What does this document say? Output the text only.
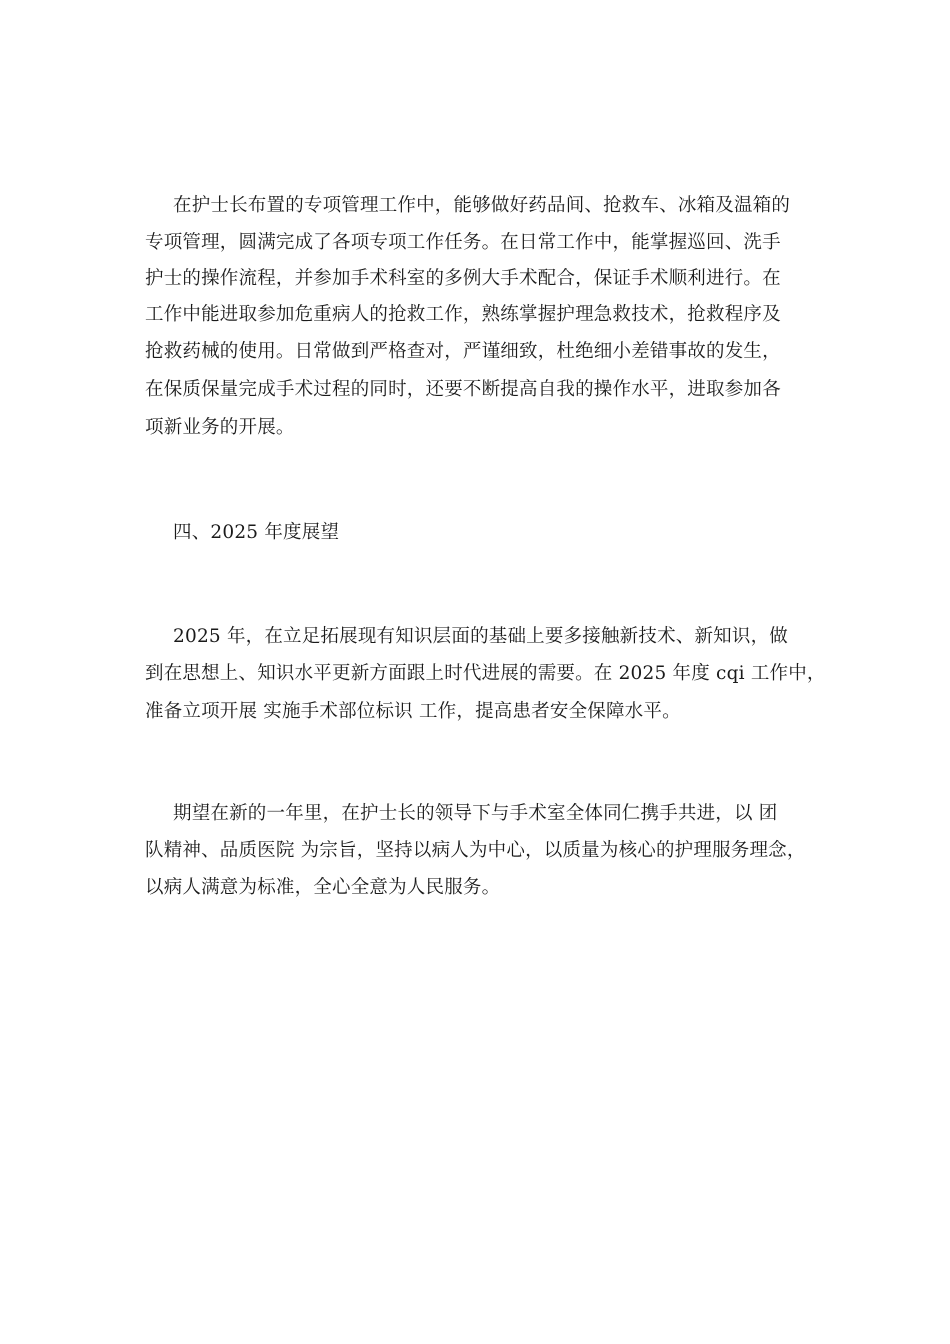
在护士长布置的专项管理工作中，能够做好药品间、抢救车、冰箱及温箱的
专项管理，圆满完成了各项专项工作任务。在日常工作中，能掌握巡回、洗手
护士的操作流程，并参加手术科室的多例大手术配合，保证手术顺利进行。在
工作中能进取参加危重病人的抢救工作，熟练掌握护理急救技术，抢救程序及
抢救药械的使用。日常做到严格查对，严谨细致，杜绝细小差错事故的发生，
在保质保量完成手术过程的同时，还要不断提高自我的操作水平，进取参加各
项新业务的开展。
四、2025 年度展望
2025 年，在立足拓展现有知识层面的基础上要多接触新技术、新知识，做
到在思想上、知识水平更新方面跟上时代进展的需要。在 2025 年度 cqi 工作中，
准备立项开展 实施手术部位标识 工作，提高患者安全保障水平。
期望在新的一年里，在护士长的领导下与手术室全体同仁携手共进，以 团
队精神、品质医院 为宗旨，坚持以病人为中心，以质量为核心的护理服务理念，
以病人满意为标准，全心全意为人民服务。
